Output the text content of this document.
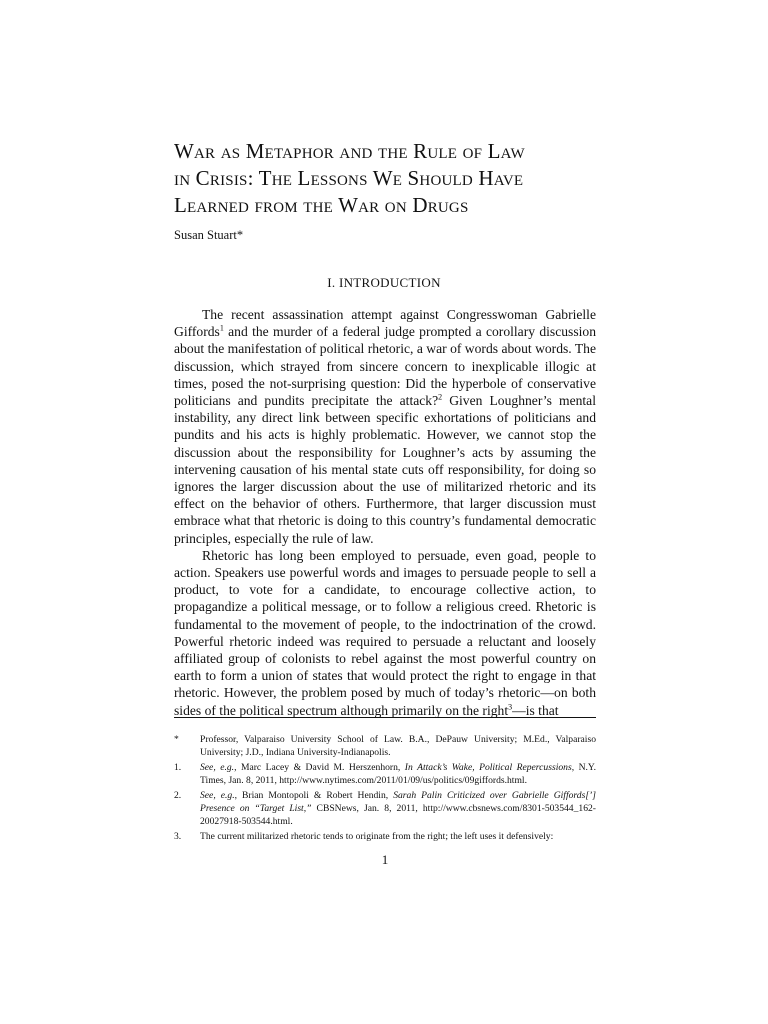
War as Metaphor and the Rule of Law
in Crisis: The Lessons We Should Have
Learned from the War on Drugs
Susan Stuart*
I. INTRODUCTION

The recent assassination attempt against Congresswoman Gabrielle Giffords$^1$ and the murder of a federal judge prompted a corollary discussion about the manifestation of political rhetoric, a war of words about words. The discussion, which strayed from sincere concern to inexplicable illogic at times, posed the not-surprising question: Did the hyperbole of conservative politicians and pundits precipitate the attack?$^2$ Given Loughner’s mental instability, any direct link between specific exhortations of politicians and pundits and his acts is highly problematic. However, we cannot stop the discussion about the responsibility for Loughner’s acts by assuming the intervening causation of his mental state cuts off responsibility, for doing so ignores the larger discussion about the use of militarized rhetoric and its effect on the behavior of others. Furthermore, that larger discussion must embrace what that rhetoric is doing to this country’s fundamental democratic principles, especially the rule of law.

Rhetoric has long been employed to persuade, even goad, people to action. Speakers use powerful words and images to persuade people to sell a product, to vote for a candidate, to encourage collective action, to propagandize a political message, or to follow a religious creed. Rhetoric is fundamental to the movement of people, to the indoctrination of the crowd. Powerful rhetoric indeed was required to persuade a reluctant and loosely affiliated group of colonists to rebel against the most powerful country on earth to form a union of states that would protect the right to engage in that rhetoric. However, the problem posed by much of today’s rhetoric—on both sides of the political spectrum although primarily on the right$^3$—is that

*	Professor, Valparaiso University School of Law. B.A., DePauw University; M.Ed., Valparaiso University; J.D., Indiana University-Indianapolis.
1.	See, e.g., Marc Lacey & David M. Herszenhorn, In Attack’s Wake, Political Repercussions, N.Y. Times, Jan. 8, 2011, http://www.nytimes.com/2011/01/09/us/politics/09giffords.html.
2.	See, e.g., Brian Montopoli & Robert Hendin, Sarah Palin Criticized over Gabrielle Giffords[’] Presence on “Target List,” CBSNews, Jan. 8, 2011, http://www.cbsnews.com/8301-503544_162-20027918-503544.html.
3.	The current militarized rhetoric tends to originate from the right; the left uses it defensively:
1
